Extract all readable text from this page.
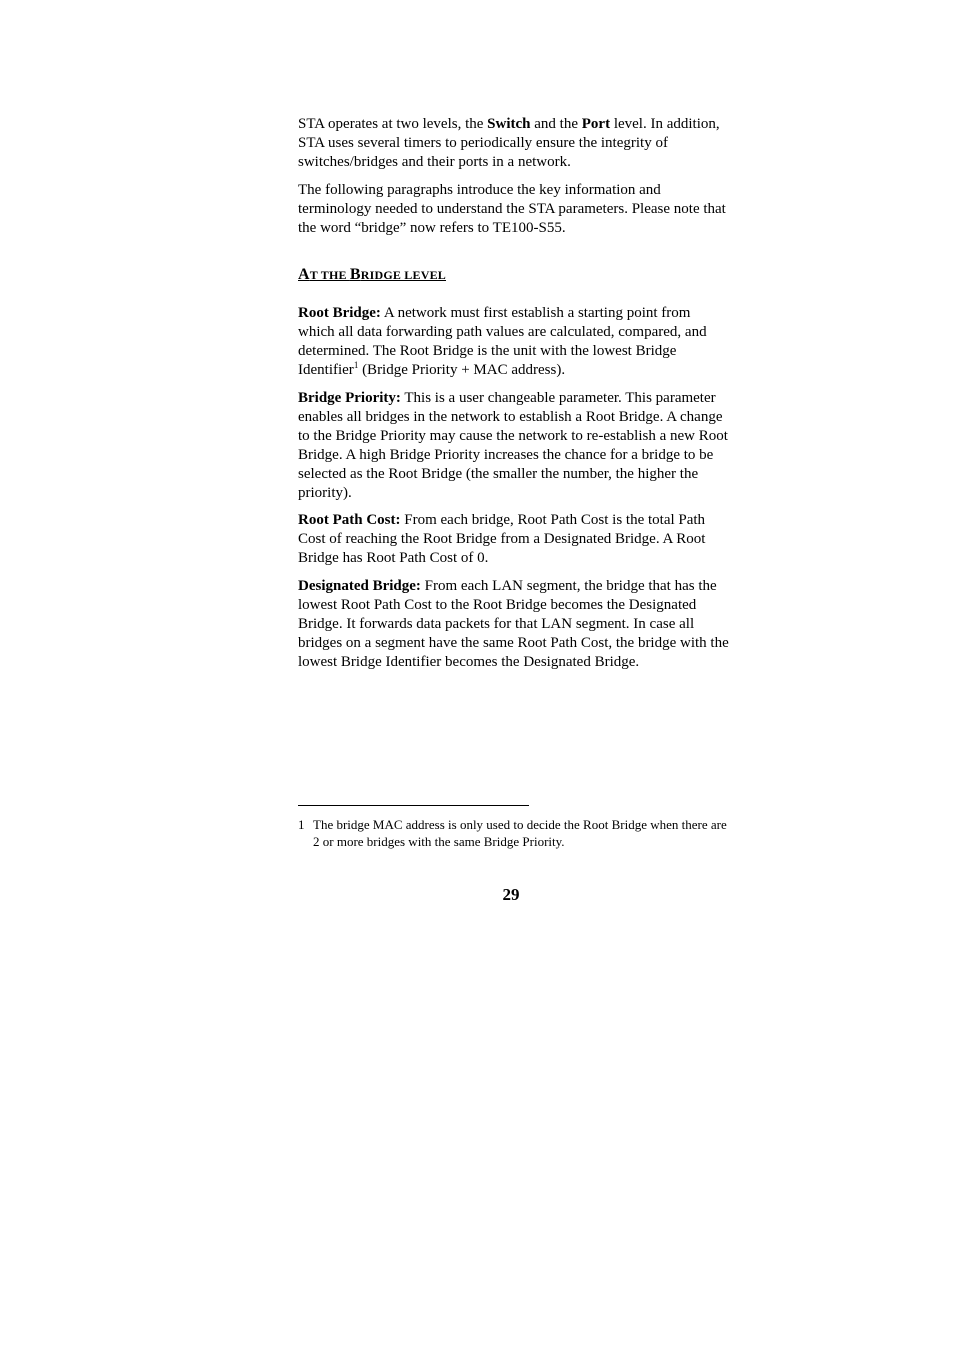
STA operates at two levels, the Switch and the Port level. In addition, STA uses several timers to periodically ensure the integrity of switches/bridges and their ports in a network.

The following paragraphs introduce the key information and terminology needed to understand the STA parameters. Please note that the word “bridge” now refers to TE100-S55.

AT THE BRIDGE LEVEL

Root Bridge: A network must first establish a starting point from which all data forwarding path values are calculated, compared, and determined. The Root Bridge is the unit with the lowest Bridge Identifier$^1$ (Bridge Priority + MAC address).

Bridge Priority: This is a user changeable parameter. This parameter enables all bridges in the network to establish a Root Bridge. A change to the Bridge Priority may cause the network to re-establish a new Root Bridge. A high Bridge Priority increases the chance for a bridge to be selected as the Root Bridge (the smaller the number, the higher the priority).

Root Path Cost: From each bridge, Root Path Cost is the total Path Cost of reaching the Root Bridge from a Designated Bridge. A Root Bridge has Root Path Cost of 0.

Designated Bridge: From each LAN segment, the bridge that has the lowest Root Path Cost to the Root Bridge becomes the Designated Bridge. It forwards data packets for that LAN segment. In case all bridges on a segment have the same Root Path Cost, the bridge with the lowest Bridge Identifier becomes the Designated Bridge.

1 The bridge MAC address is only used to decide the Root Bridge when there are 2 or more bridges with the same Bridge Priority.
29
